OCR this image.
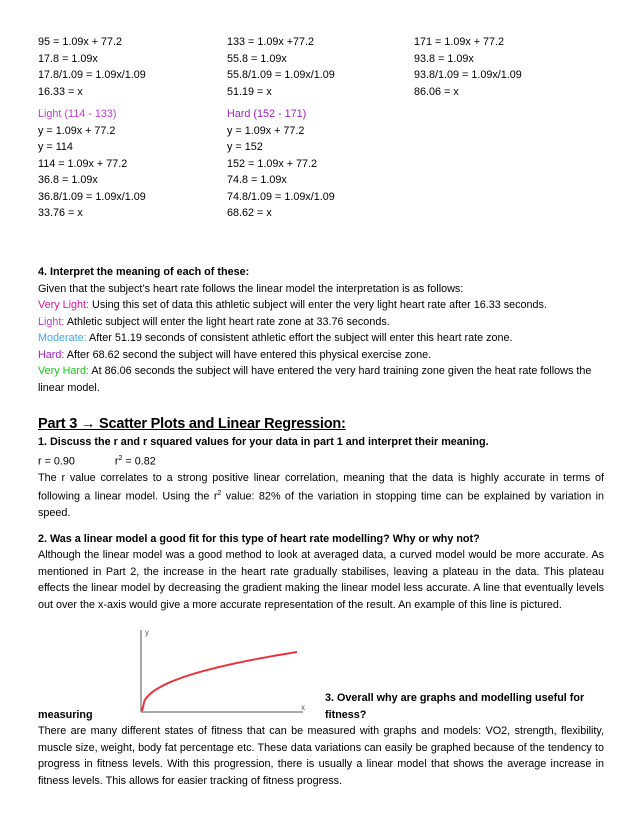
95 = 1.09x + 77.2
17.8 = 1.09x
17.8/1.09 = 1.09x/1.09
16.33 = x
Light (114 - 133)
y = 1.09x + 77.2
y = 114
114 = 1.09x + 77.2
36.8 = 1.09x
36.8/1.09 = 1.09x/1.09
33.76 = x
133 = 1.09x +77.2
55.8 = 1.09x
55.8/1.09 = 1.09x/1.09
51.19 = x
Hard (152 - 171)
y = 1.09x + 77.2
y = 152
152 = 1.09x + 77.2
74.8 = 1.09x
74.8/1.09 = 1.09x/1.09
68.62 = x
171 = 1.09x + 77.2
93.8 = 1.09x
93.8/1.09 = 1.09x/1.09
86.06 = x

4. Interpret the meaning of each of these:

Given that the subject’s heart rate follows the linear model the interpretation is as follows:

Very Light: Using this set of data this athletic subject will enter the very light heart rate after 16.33 seconds.

Light: Athletic subject will enter the light heart rate zone at 33.76 seconds.

Moderate: After 51.19 seconds of consistent athletic effort the subject will enter this heart rate zone.

Hard: After 68.62 second the subject will have entered this physical exercise zone.

Very Hard: At 86.06 seconds the subject will have entered the very hard training zone given the heat rate follows the linear model.

Part 3 → Scatter Plots and Linear Regression:

1. Discuss the r and r squared values for your data in part 1 and interpret their meaning.

r = 0.90	$r^2 = 0.82$

The r value correlates to a strong positive linear correlation, meaning that the data is highly accurate in terms of following a linear model. Using the $r^2$ value: 82% of the variation in stopping time can be explained by variation in speed.

2. Was a linear model a good fit for this type of heart rate modelling? Why or why not?

Although the linear model was a good method to look at averaged data, a curved model would be more accurate. As mentioned in Part 2, the increase in the heart rate gradually stabilises, leaving a plateau in the data. This plateau effects the linear model by decreasing the gradient making the linear model less accurate. A line that eventually levels out over the x-axis would give a more accurate representation of the result. An example of this line is pictured.

y
x

3. Overall why are graphs and modelling useful for

measuring	fitness?

There are many different states of fitness that can be measured with graphs and models: VO2, strength, flexibility, muscle size, weight, body fat percentage etc. These data variations can easily be graphed because of the tendency to progress in fitness levels. With this progression, there is usually a linear model that shows the average increase in fitness levels. This allows for easier tracking of fitness progress.
